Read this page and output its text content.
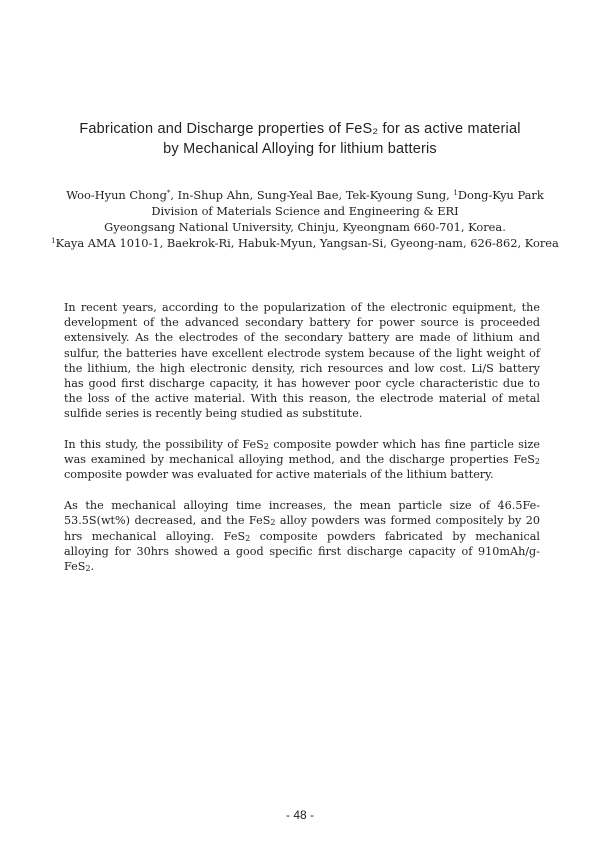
Fabrication and Discharge properties of FeS₂ for as active material
by Mechanical Alloying for lithium batteris
Woo-Hyun Chong*, In-Shup Ahn, Sung-Yeal Bae, Tek-Kyoung Sung, $^1$Dong-Kyu Park
Division of Materials Science and Engineering & ERI
Gyeongsang National University, Chinju, Kyeongnam 660-701, Korea.
$^1$Kaya AMA 1010-1, Baekrok-Ri, Habuk-Myun, Yangsan-Si, Gyeong-nam, 626-862, Korea

In recent years, according to the popularization of the electronic equipment, the development of the advanced secondary battery for power source is proceeded extensively. As the electrodes of the secondary battery are made of lithium and sulfur, the batteries have excellent electrode system because of the light weight of the lithium, the high electronic density, rich resources and low cost. Li/S battery has good first discharge capacity, it has however poor cycle characteristic due to the loss of the active material. With this reason, the electrode material of metal sulfide series is recently being studied as substitute.

In this study, the possibility of FeS$_2$ composite powder which has fine particle size was examined by mechanical alloying method, and the discharge properties FeS$_2$ composite powder was evaluated for active materials of the lithium battery.

As the mechanical alloying time increases, the mean particle size of 46.5Fe-53.5S(wt%) decreased, and the FeS$_2$ alloy powders was formed compositely by 20 hrs mechanical alloying. FeS$_2$ composite powders fabricated by mechanical alloying for 30hrs showed a good specific first discharge capacity of 910mAh/g-FeS$_2$.

- 48 -
